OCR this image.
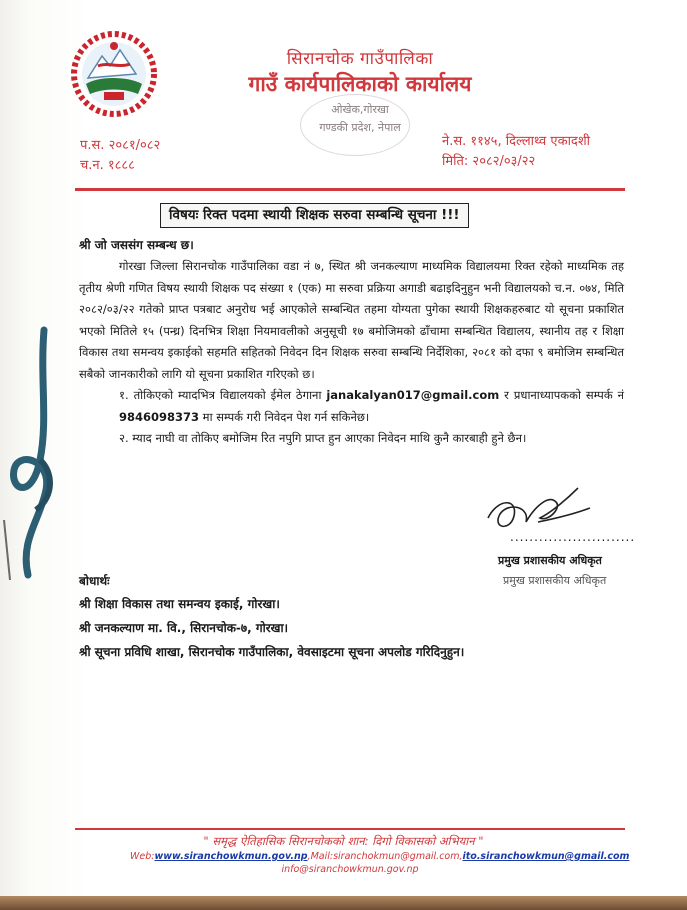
सिरानचोक गाउँपालिका
गाउँ कार्यपालिकाको कार्यालय
ओखेक,गोरखा
गण्डकी प्रदेश, नेपाल
प.स. २०८१/०८२
च.न. १८८८
ने.स. ११४५, दिल्लाथ्व एकादशी
मिति: २०८२/०३/२२
विषयः रिक्त पदमा स्थायी शिक्षक सरुवा सम्बन्धि सूचना !!!
श्री जो जससंग सम्बन्ध छ।

गोरखा जिल्ला सिरानचोक गाउँपालिका वडा नं ७, स्थित श्री जनकल्याण माध्यमिक विद्यालयमा रिक्त रहेको माध्यमिक तह तृतीय श्रेणी गणित विषय स्थायी शिक्षक पद संख्या १ (एक) मा सरुवा प्रक्रिया अगाडी बढाइदिनुहुन भनी विद्यालयको च.न. ०७४, मिति २०८२/०३/२२ गतेको प्राप्त पत्रबाट अनुरोध भई आएकोले सम्बन्धित तहमा योग्यता पुगेका स्थायी शिक्षकहरुबाट यो सूचना प्रकाशित भएको मितिले १५ (पन्ध्र) दिनभित्र शिक्षा नियमावलीको अनुसूची १७ बमोजिमको ढाँचामा सम्बन्धित विद्यालय, स्थानीय तह र शिक्षा विकास तथा समन्वय इकाईको सहमति सहितको निवेदन दिन शिक्षक सरुवा सम्बन्धि निर्देशिका, २०८१ को दफा ९ बमोजिम सम्बन्धित सबैको जानकारीको लागि यो सूचना प्रकाशित गरिएको छ।

१. तोकिएको म्यादभित्र विद्यालयको ईमेल ठेगाना janakalyan017@gmail.com र प्रधानाध्यापकको सम्पर्क नं 9846098373 मा सम्पर्क गरी निवेदन पेश गर्न सकिनेछ।

२. म्याद नाघी वा तोकिए बमोजिम रित नपुगि प्राप्त हुन आएका निवेदन माथि कुनै कारबाही हुने छैन।

..........................
प्रमुख प्रशासकीय अधिकृत
प्रमुख प्रशासकीय अधिकृत
बोधार्थः
श्री शिक्षा विकास तथा समन्वय इकाई, गोरखा।
श्री जनकल्याण मा. वि., सिरानचोक-७, गोरखा।
श्री सूचना प्रविधि शाखा, सिरानचोक गाउँपालिका, वेवसाइटमा सूचना अपलोड गरिदिनुहुन।
" समृद्ध ऐतिहासिक सिरानचोकको शान: दिगो विकासको अभियान "
Web:www.siranchowkmun.gov.np,Mail:siranchokmun@gmail.com,ito.siranchowkmun@gmail.com
info@siranchowkmun.gov.np
